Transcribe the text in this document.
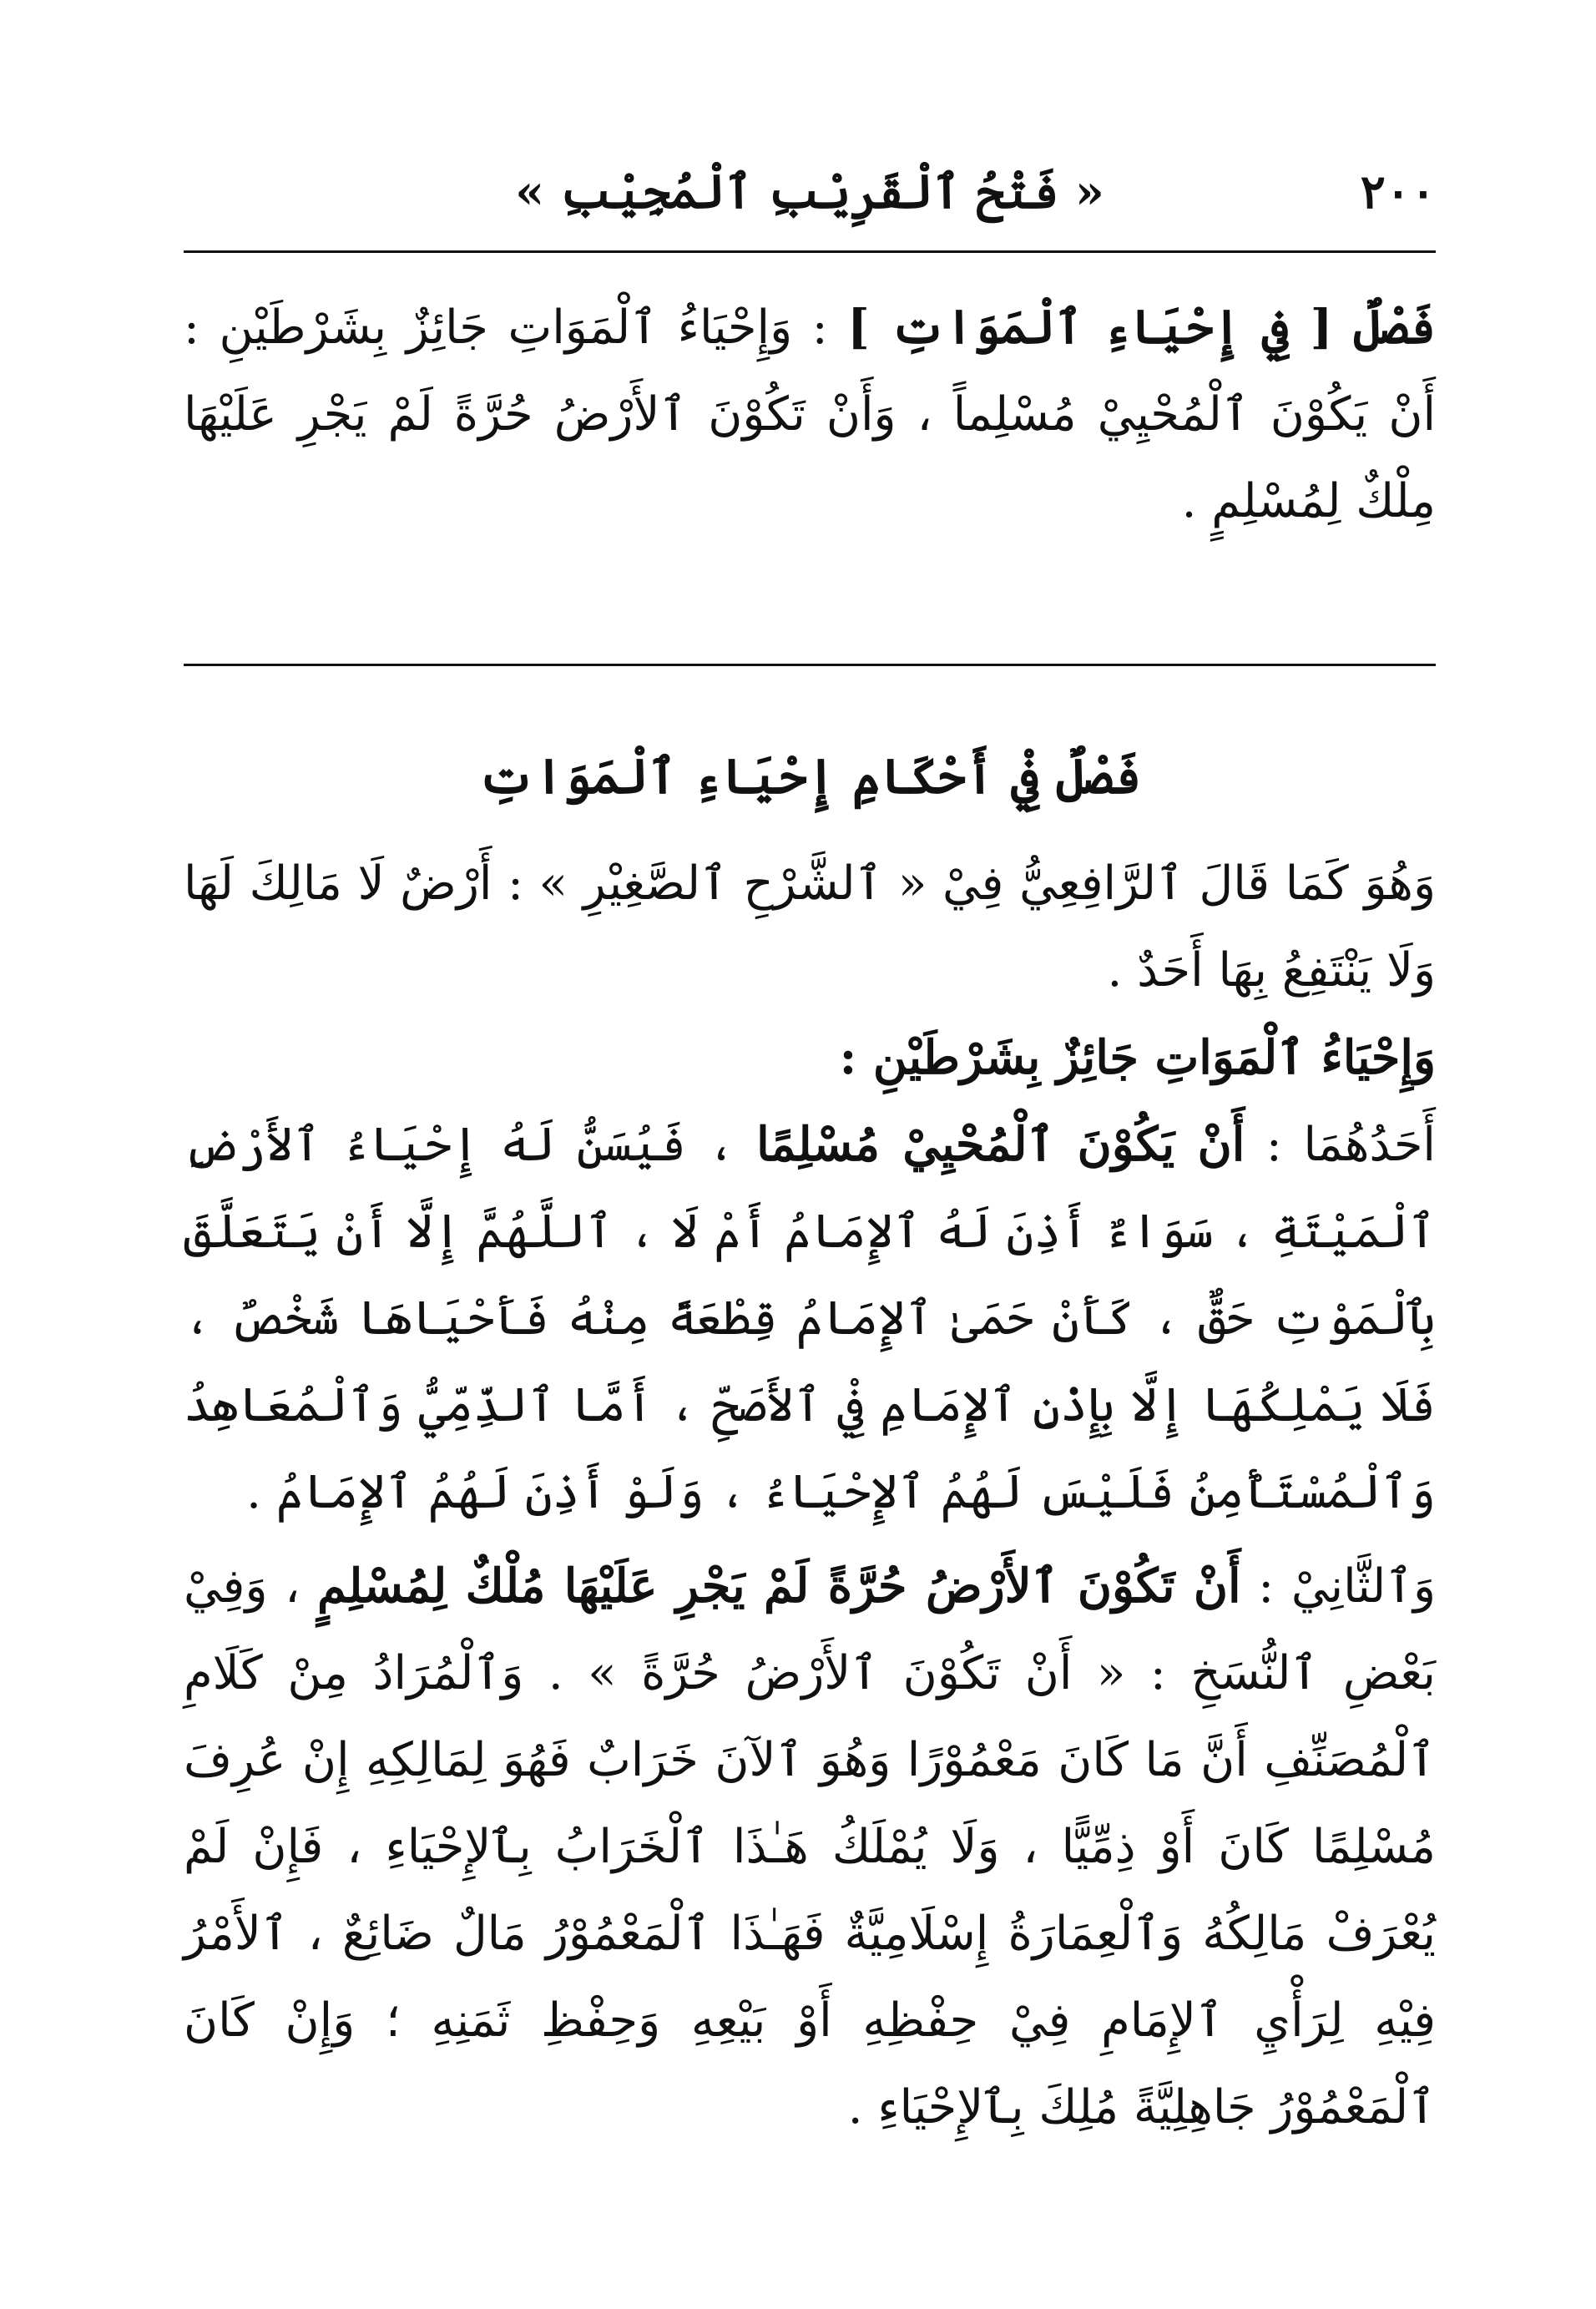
٢٠٠
« فَتْحُ ٱلْقَرِيْبِ ٱلْمُجِيْبِ »

فَصْلٌ [ فِي إِحْيَاءِ ٱلْمَوَاتِ ] : وَإِحْيَاءُ ٱلْمَوَاتِ جَائِزٌ بِشَرْطَيْنِ : أَنْ يَكُوْنَ ٱلْمُحْيِيْ مُسْلِماً ، وَأَنْ تَكُوْنَ ٱلأَرْضُ حُرَّةً لَمْ يَجْرِ عَلَيْهَا مِلْكٌ لِمُسْلِمٍ .

فَصْلٌ فِيْ أَحْكَامِ إِحْيَاءِ ٱلْمَوَاتِ

وَهُوَ كَمَا قَالَ ٱلرَّافِعِيُّ فِيْ « ٱلشَّرْحِ ٱلصَّغِيْرِ » : أَرْضٌ لَا مَالِكَ لَهَا وَلَا يَنْتَفِعُ بِهَا أَحَدٌ .

وَإِحْيَاءُ ٱلْمَوَاتِ جَائِزٌ بِشَرْطَيْنِ :

أَحَدُهُمَا : أَنْ يَكُوْنَ ٱلْمُحْيِيْ مُسْلِمًا ، فَيُسَنُّ لَهُ إِحْيَاءُ ٱلأَرْضِ ٱلْمَيْتَةِ ، سَوَاءٌ أَذِنَ لَهُ ٱلإِمَامُ أَمْ لَا ، ٱللَّهُمَّ إِلَّا أَنْ يَتَعَلَّقَ بِٱلْمَوْتِ حَقٌّ ، كَأَنْ حَمَىٰ ٱلإِمَامُ قِطْعَةً مِنْهُ فَأَحْيَاهَا شَخْصٌ ، فَلَا يَمْلِكُهَا إِلَّا بِإِذْنِ ٱلإِمَامِ فِيْ ٱلأَصَحِّ ، أَمَّا ٱلذِّمِّيُّ وَٱلْمُعَاهِدُ وَٱلْمُسْتَأْمِنُ فَلَيْسَ لَهُمُ ٱلإِحْيَاءُ ، وَلَوْ أَذِنَ لَهُمُ ٱلإِمَامُ .

وَٱلثَّانِيْ : أَنْ تَكُوْنَ ٱلأَرْضُ حُرَّةً لَمْ يَجْرِ عَلَيْهَا مُلْكٌ لِمُسْلِمٍ ، وَفِيْ بَعْضِ ٱلنُّسَخِ : « أَنْ تَكُوْنَ ٱلأَرْضُ حُرَّةً » . وَٱلْمُرَادُ مِنْ كَلَامِ ٱلْمُصَنِّفِ أَنَّ مَا كَانَ مَعْمُوْرًا وَهُوَ ٱلآنَ خَرَابٌ فَهُوَ لِمَالِكِهِ إِنْ عُرِفَ مُسْلِمًا كَانَ أَوْ ذِمِّيًّا ، وَلَا يُمْلَكُ هَـٰذَا ٱلْخَرَابُ بِٱلإِحْيَاءِ ، فَإِنْ لَمْ يُعْرَفْ مَالِكُهُ وَٱلْعِمَارَةُ إِسْلَامِيَّةٌ فَهَـٰذَا ٱلْمَعْمُوْرُ مَالٌ ضَائِعٌ ، ٱلأَمْرُ فِيْهِ لِرَأْيِ ٱلإِمَامِ فِيْ حِفْظِهِ أَوْ بَيْعِهِ وَحِفْظِ ثَمَنِهِ ؛ وَإِنْ كَانَ ٱلْمَعْمُوْرُ جَاهِلِيَّةً مُلِكَ بِٱلإِحْيَاءِ .
